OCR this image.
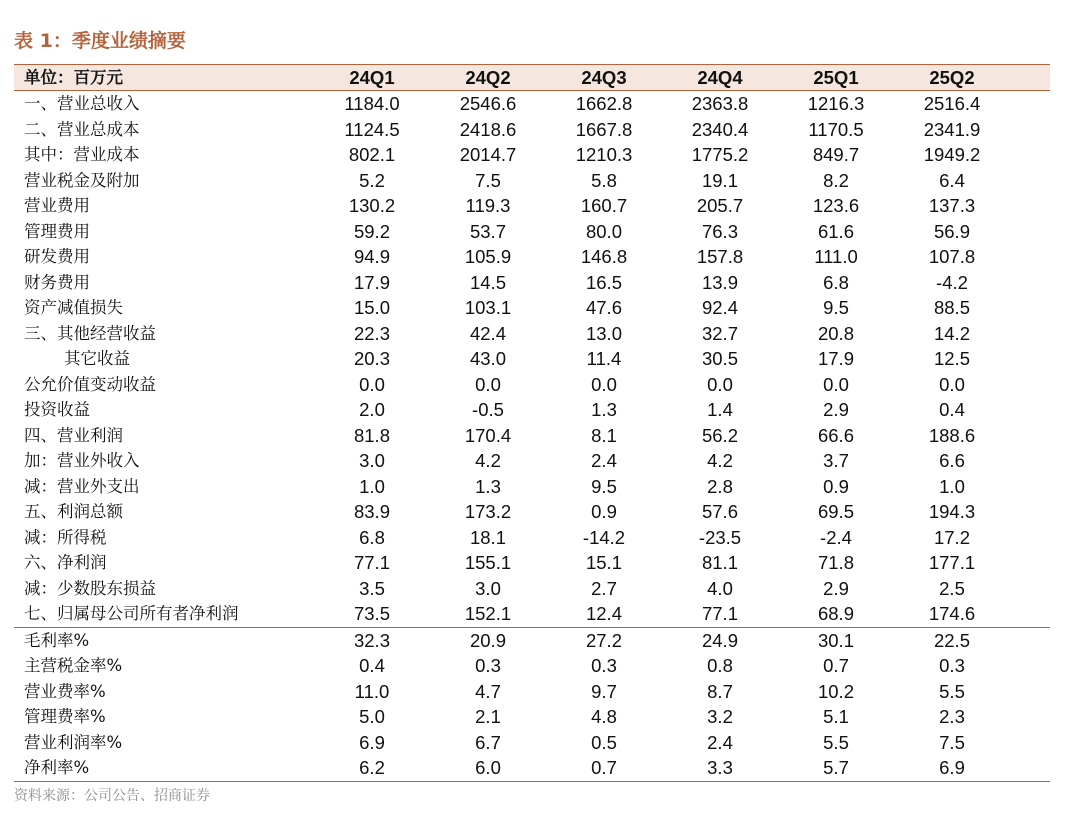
表 1：季度业绩摘要
单位：百万元	24Q1	24Q2	24Q3	24Q4	25Q1	25Q2
一、营业总收入	1184.0	2546.6	1662.8	2363.8	1216.3	2516.4
二、营业总成本	1124.5	2418.6	1667.8	2340.4	1170.5	2341.9
其中：营业成本	802.1	2014.7	1210.3	1775.2	849.7	1949.2
营业税金及附加	5.2	7.5	5.8	19.1	8.2	6.4
营业费用	130.2	119.3	160.7	205.7	123.6	137.3
管理费用	59.2	53.7	80.0	76.3	61.6	56.9
研发费用	94.9	105.9	146.8	157.8	111.0	107.8
财务费用	17.9	14.5	16.5	13.9	6.8	-4.2
资产减值损失	15.0	103.1	47.6	92.4	9.5	88.5
三、其他经营收益	22.3	42.4	13.0	32.7	20.8	14.2
其它收益	20.3	43.0	11.4	30.5	17.9	12.5
公允价值变动收益	0.0	0.0	0.0	0.0	0.0	0.0
投资收益	2.0	-0.5	1.3	1.4	2.9	0.4
四、营业利润	81.8	170.4	8.1	56.2	66.6	188.6
加：营业外收入	3.0	4.2	2.4	4.2	3.7	6.6
减：营业外支出	1.0	1.3	9.5	2.8	0.9	1.0
五、利润总额	83.9	173.2	0.9	57.6	69.5	194.3
减：所得税	6.8	18.1	-14.2	-23.5	-2.4	17.2
六、净利润	77.1	155.1	15.1	81.1	71.8	177.1
减：少数股东损益	3.5	3.0	2.7	4.0	2.9	2.5
七、归属母公司所有者净利润	73.5	152.1	12.4	77.1	68.9	174.6
毛利率%	32.3	20.9	27.2	24.9	30.1	22.5
主营税金率%	0.4	0.3	0.3	0.8	0.7	0.3
营业费率%	11.0	4.7	9.7	8.7	10.2	5.5
管理费率%	5.0	2.1	4.8	3.2	5.1	2.3
营业利润率%	6.9	6.7	0.5	2.4	5.5	7.5
净利率%	6.2	6.0	0.7	3.3	5.7	6.9
资料来源：公司公告、招商证券
